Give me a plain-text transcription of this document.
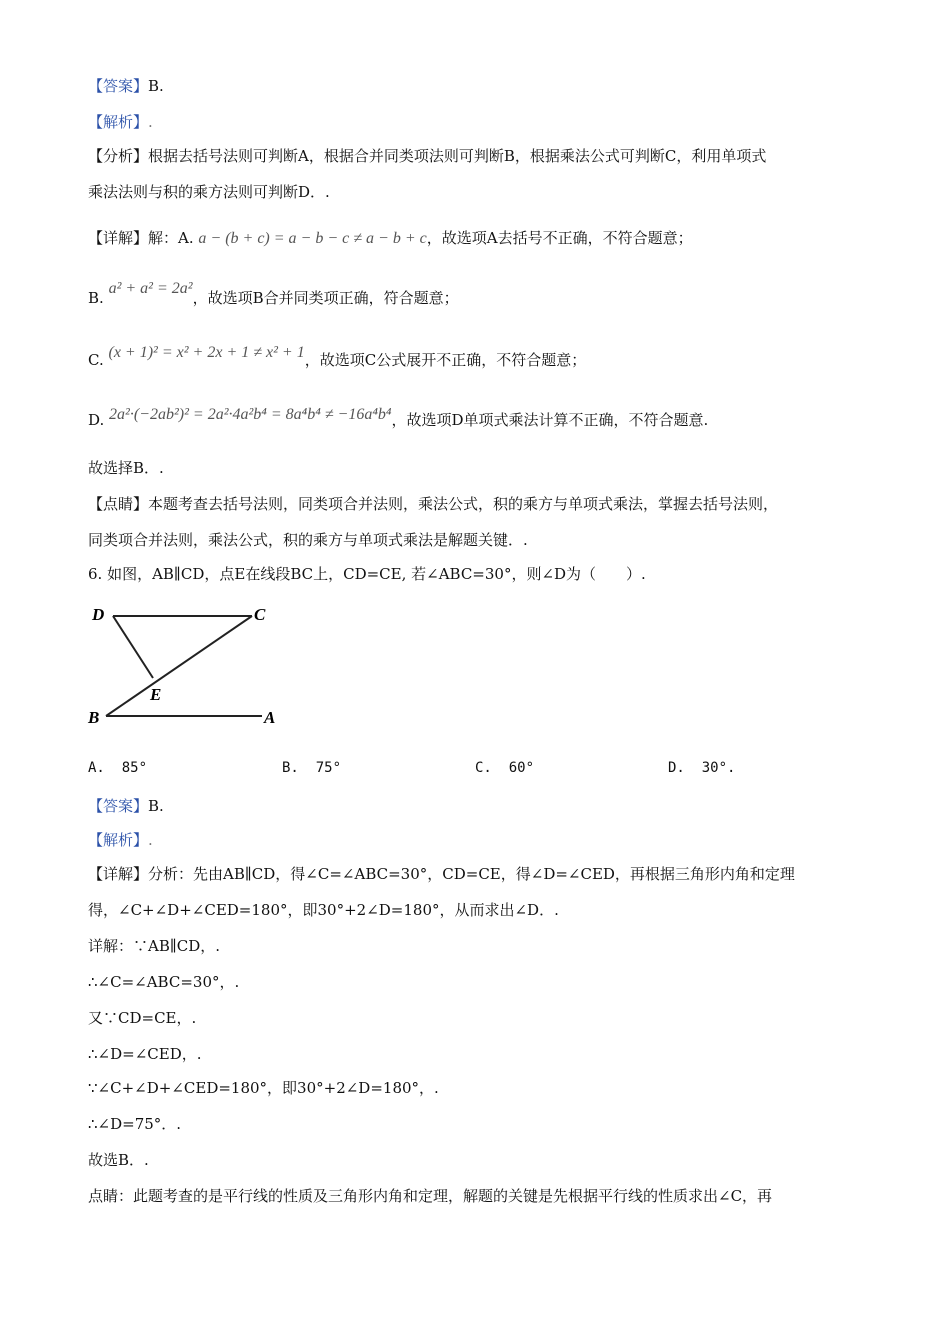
【答案】B.
【解析】.
【分析】根据去括号法则可判断A，根据合并同类项法则可判断B，根据乘法公式可判断C，利用单项式
乘法法则与积的乘方法则可判断D．.
【详解】解：A. a − (b + c) = a − b − c ≠ a − b + c，故选项A去括号不正确，不符合题意；
B. a² + a² = 2a²，故选项B合并同类项正确，符合题意；
C. (x + 1)² = x² + 2x + 1 ≠ x² + 1，故选项C公式展开不正确，不符合题意；
D. 2a²·(−2ab²)² = 2a²·4a²b⁴ = 8a⁴b⁴ ≠ −16a⁴b⁴，故选项D单项式乘法计算不正确，不符合题意.
故选择B．.
【点睛】本题考查去括号法则，同类项合并法则，乘法公式，积的乘方与单项式乘法，掌握去括号法则，
同类项合并法则，乘法公式，积的乘方与单项式乘法是解题关键．.
6. 如图，AB∥CD，点E在线段BC上，CD=CE, 若∠ABC=30°，则∠D为（　　）.
D	C
E
B	A
A. 85°	B. 75°	C. 60°	D. 30°.
【答案】B.
【解析】.
【详解】分析：先由AB∥CD，得∠C=∠ABC=30°，CD=CE，得∠D=∠CED，再根据三角形内角和定理
得，∠C+∠D+∠CED=180°，即30°+2∠D=180°，从而求出∠D．.
详解：∵AB∥CD，.
∴∠C=∠ABC=30°，.
又∵CD=CE，.
∴∠D=∠CED，.
∵∠C+∠D+∠CED=180°，即30°+2∠D=180°，.
∴∠D=75°．.
故选B．.
点睛：此题考查的是平行线的性质及三角形内角和定理，解题的关键是先根据平行线的性质求出∠C，再
